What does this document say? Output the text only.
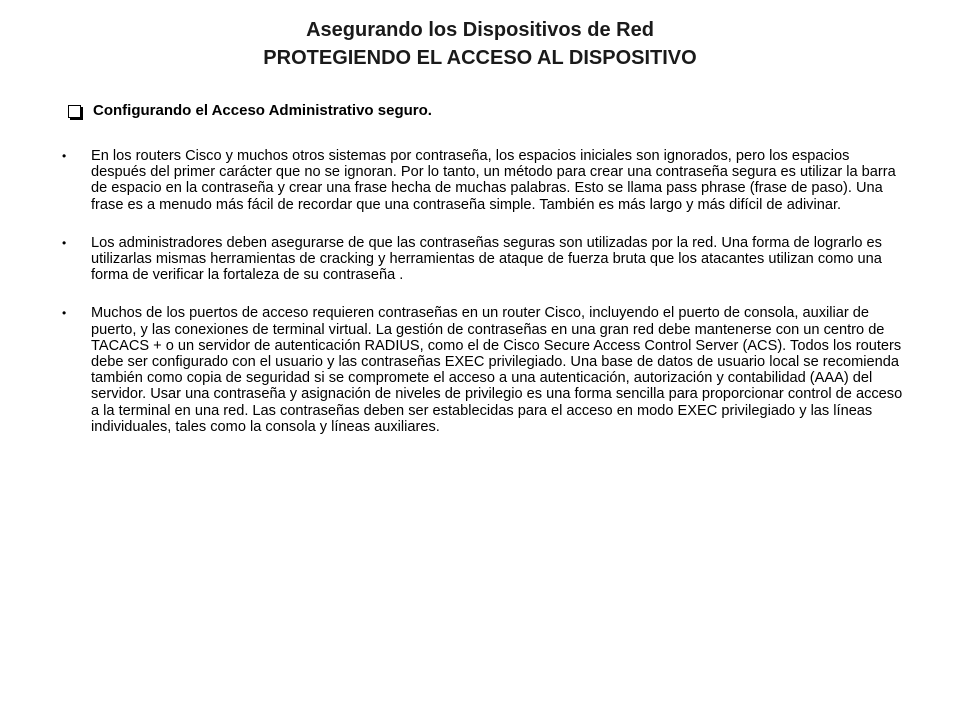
Asegurando los Dispositivos de Red
PROTEGIENDO EL ACCESO AL DISPOSITIVO
Configurando el Acceso Administrativo seguro.
• En los routers Cisco y muchos otros sistemas por contraseña, los espacios iniciales son ignorados, pero los espacios después del primer carácter que no se ignoran. Por lo tanto, un método para crear una contraseña segura es utilizar la barra de espacio en la contraseña y crear una frase hecha de muchas palabras. Esto se llama pass phrase (frase de paso). Una frase es a menudo más fácil de recordar que una contraseña simple. También es más largo y más difícil de adivinar.
• Los administradores deben asegurarse de que las contraseñas seguras son utilizadas por la red. Una forma de lograrlo es utilizarlas mismas herramientas de cracking y herramientas de ataque de fuerza bruta que los atacantes utilizan como una forma de verificar la fortaleza de su contraseña .
• Muchos de los puertos de acceso requieren contraseñas en un router Cisco, incluyendo el puerto de consola, auxiliar de puerto, y las conexiones de terminal virtual. La gestión de contraseñas en una gran red debe mantenerse con un centro de TACACS + o un servidor de autenticación RADIUS, como el de Cisco Secure Access Control Server (ACS). Todos los routers debe ser configurado con el usuario y las contraseñas EXEC privilegiado. Una base de datos de usuario local se recomienda también como copia de seguridad si se compromete el acceso a una autenticación, autorización y contabilidad (AAA) del servidor. Usar una contraseña y asignación de niveles de privilegio es una forma sencilla para proporcionar control de acceso a la terminal en una red. Las contraseñas deben ser establecidas para el acceso en modo EXEC privilegiado y las líneas individuales, tales como la consola y líneas auxiliares.
